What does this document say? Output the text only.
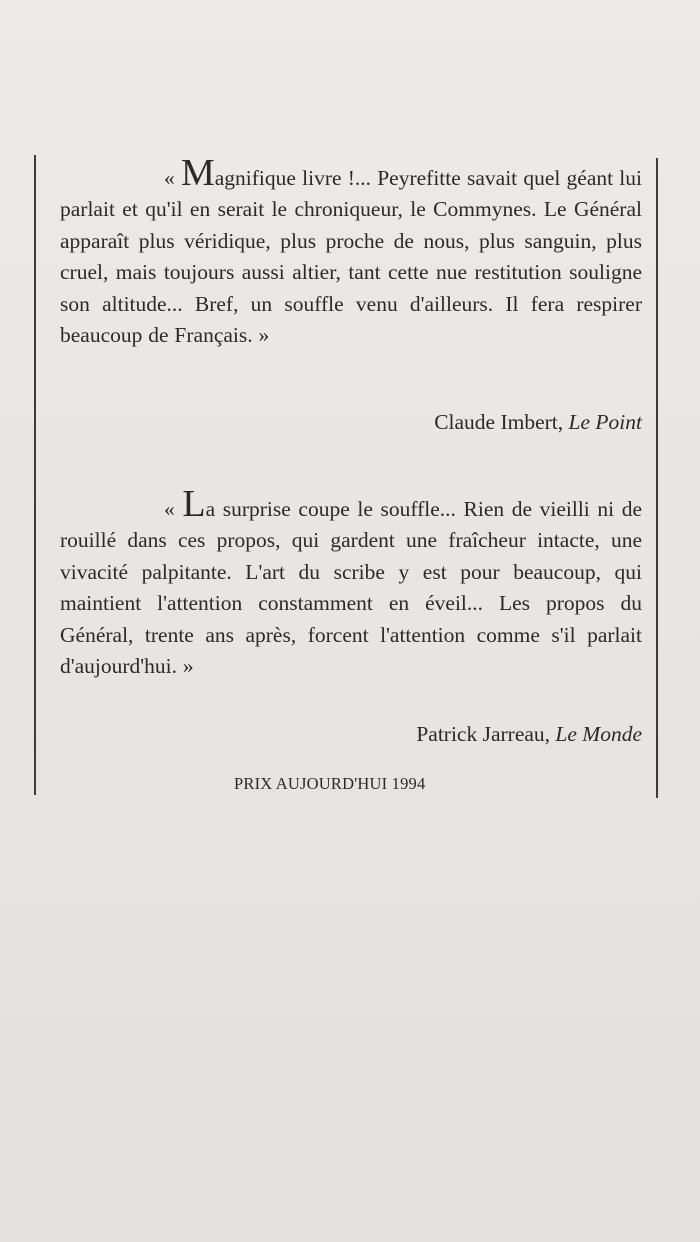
« Magnifique livre !... Peyrefitte savait quel géant lui parlait et qu'il en serait le chroniqueur, le Commynes. Le Général apparaît plus véridique, plus proche de nous, plus sanguin, plus cruel, mais toujours aussi altier, tant cette nue restitution souligne son altitude... Bref, un souffle venu d'ailleurs. Il fera respirer beaucoup de Français. »

Claude Imbert, Le Point

« La surprise coupe le souffle... Rien de vieilli ni de rouillé dans ces propos, qui gardent une fraîcheur intacte, une vivacité palpitante. L'art du scribe y est pour beaucoup, qui maintient l'attention constamment en éveil... Les propos du Général, trente ans après, forcent l'attention comme s'il parlait d'aujourd'hui. »

Patrick Jarreau, Le Monde
PRIX AUJOURD'HUI 1994
